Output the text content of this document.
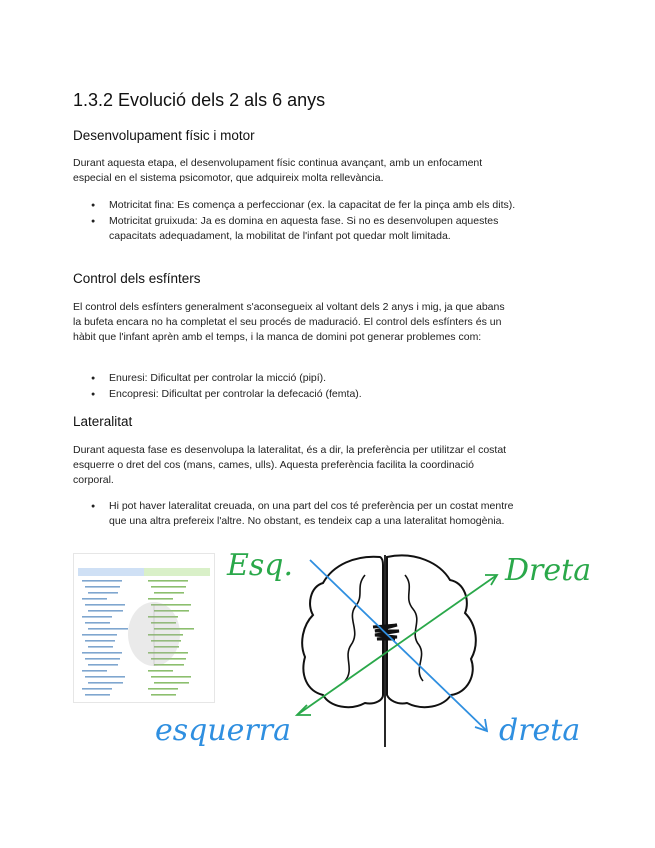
1.3.2 Evolució dels 2 als 6 anys
Desenvolupament físic i motor

Durant aquesta etapa, el desenvolupament físic continua avançant, amb un enfocament especial en el sistema psicomotor, que adquireix molta rellevància.

● Motricitat fina: Es comença a perfeccionar (ex. la capacitat de fer la pinça amb els dits).
● Motricitat gruixuda: Ja es domina en aquesta fase. Si no es desenvolupen aquestes capacitats adequadament, la mobilitat de l'infant pot quedar molt limitada.
Control dels esfínters

El control dels esfínters generalment s'aconsegueix al voltant dels 2 anys i mig, ja que abans la bufeta encara no ha completat el seu procés de maduració. El control dels esfínters és un hàbit que l'infant aprèn amb el temps, i la manca de domini pot generar problemes com:

● Enuresi: Dificultat per controlar la micció (pipí).
● Encopresi: Dificultat per controlar la defecació (femta).
Lateralitat

Durant aquesta fase es desenvolupa la lateralitat, és a dir, la preferència per utilitzar el costat esquerre o dret del cos (mans, cames, ulls). Aquesta preferència facilita la coordinació corporal.

● Hi pot haver lateralitat creuada, on una part del cos té preferència per un costat mentre que una altra prefereix l'altre. No obstant, es tendeix cap a una lateralitat homogènia.
Esq.	Dreta
esquerra	dreta
